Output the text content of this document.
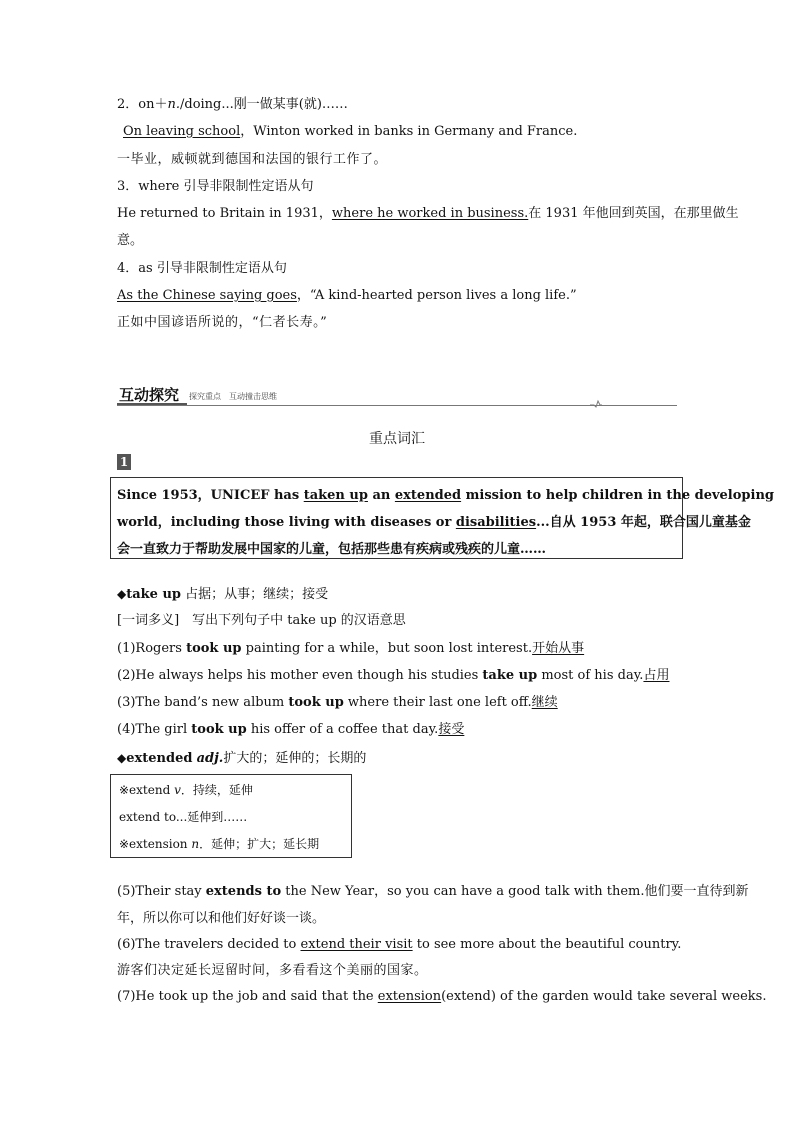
2．on＋n./doing...刚一做某事(就)……
On leaving school，Winton worked in banks in Germany and France.
一毕业，威顿就到德国和法国的银行工作了。
3．where 引导非限制性定语从句
He returned to Britain in 1931，where he worked in business.在 1931 年他回到英国，在那里做生
意。
4．as 引导非限制性定语从句
As the Chinese saying goes，“A kind-hearted person lives a long life.”
正如中国谚语所说的，“仁者长寿。”
互动探究 探究重点　互动撞击思维
重点词汇
1
Since 1953，UNICEF has taken up an extended mission to help children in the developing
world，including those living with diseases or disabilities...自从 1953 年起，联合国儿童基金
会一直致力于帮助发展中国家的儿童，包括那些患有疾病或残疾的儿童……
◆take up 占据；从事；继续；接受
[一词多义]　写出下列句子中 take up 的汉语意思
(1)Rogers took up painting for a while，but soon lost interest.开始从事
(2)He always helps his mother even though his studies take up most of his day.占用
(3)The band’s new album took up where their last one left off.继续
(4)The girl took up his offer of a coffee that day.接受
◆extended adj.扩大的；延伸的；长期的
※extend v．持续，延伸
extend to...延伸到……
※extension n．延伸；扩大；延长期
(5)Their stay extends to the New Year，so you can have a good talk with them.他们要一直待到新
年，所以你可以和他们好好谈一谈。
(6)The travelers decided to extend their visit to see more about the beautiful country.
游客们决定延长逗留时间，多看看这个美丽的国家。
(7)He took up the job and said that the extension(extend) of the garden would take several weeks.
